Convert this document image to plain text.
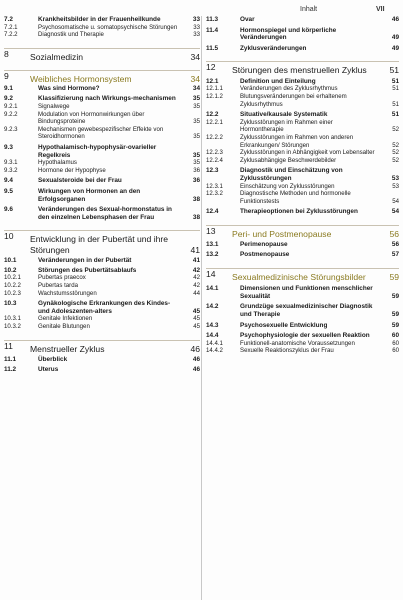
Inhalt	VII
7.2	Krankheitsbilder in der Frauenheilkunde	33
7.2.1	Psychosomatische u. somatopsychische Störungen	33
7.2.2	Diagnostik und Therapie	33
8 Sozialmedizin	34
9 Weibliches Hormonsystem	34
9.1	Was sind Hormone?	34
9.2	Klassifizierung nach Wirkungs-mechanismen	35
9.2.1	Signalwege	35
9.2.2	Modulation von Hormonwirkungen über Bindungsproteine	35
9.2.3	Mechanismen gewebespezifischer Effekte von Steroidhormonen	35
9.3	Hypothalamisch-hypophysär-ovarieller Regelkreis	35
9.3.1	Hypothalamus	35
9.3.2	Hormone der Hypophyse	36
9.4	Sexualsteroide bei der Frau	36
9.5	Wirkungen von Hormonen an den Erfolgsorganen	38
9.6	Veränderungen des Sexual-hormonstatus in den einzelnen Lebensphasen der Frau	38
10 Entwicklung in der Pubertät und ihre Störungen	41
10.1	Veränderungen in der Pubertät	41
10.2	Störungen des Pubertätsablaufs	42
10.2.1	Pubertas praecox	42
10.2.2	Pubertas tarda	42
10.2.3	Wachstumsstörungen	44
10.3	Gynäkologische Erkrankungen des Kindes- und Adoleszenten-alters	45
10.3.1	Genitale Infektionen	45
10.3.2	Genitale Blutungen	45
11 Menstrueller Zyklus	46
11.1	Überblick	46
11.2	Uterus	46
11.3	Ovar	46
11.4	Hormonspiegel und körperliche Veränderungen	49
11.5	Zyklusveränderungen	49
12 Störungen des menstruellen Zyklus	51
12.1	Definition und Einteilung	51
12.1.1	Veränderungen des Zyklusrhythmus	51
12.1.2	Blutungsveränderungen bei erhaltenem Zyklusrhythmus	51
12.2	Situative/kausale Systematik	51
12.2.1	Zyklusstörungen im Rahmen einer Hormontherapie	52
12.2.2	Zyklusstörungen im Rahmen von anderen Erkrankungen/ Störungen	52
12.2.3	Zyklusstörungen in Abhängigkeit vom Lebensalter	52
12.2.4	Zyklusabhängige Beschwerdebilder	52
12.3	Diagnostik und Einschätzung von Zyklusstörungen	53
12.3.1	Einschätzung von Zyklusstörungen	53
12.3.2	Diagnostische Methoden und hormonelle Funktionstests	54
12.4	Therapieoptionen bei Zyklusstörungen	54
13 Peri- und Postmenopause	56
13.1	Perimenopause	56
13.2	Postmenopause	57
14 Sexualmedizinische Störungsbilder	59
14.1	Dimensionen und Funktionen menschlicher Sexualität	59
14.2	Grundzüge sexualmedizinischer Diagnostik und Therapie	59
14.3	Psychosexuelle Entwicklung	59
14.4	Psychophysiologie der sexuellen Reaktion	60
14.4.1	Funktionell-anatomische Voraussetzungen	60
14.4.2	Sexuelle Reaktionszyklus der Frau	60
